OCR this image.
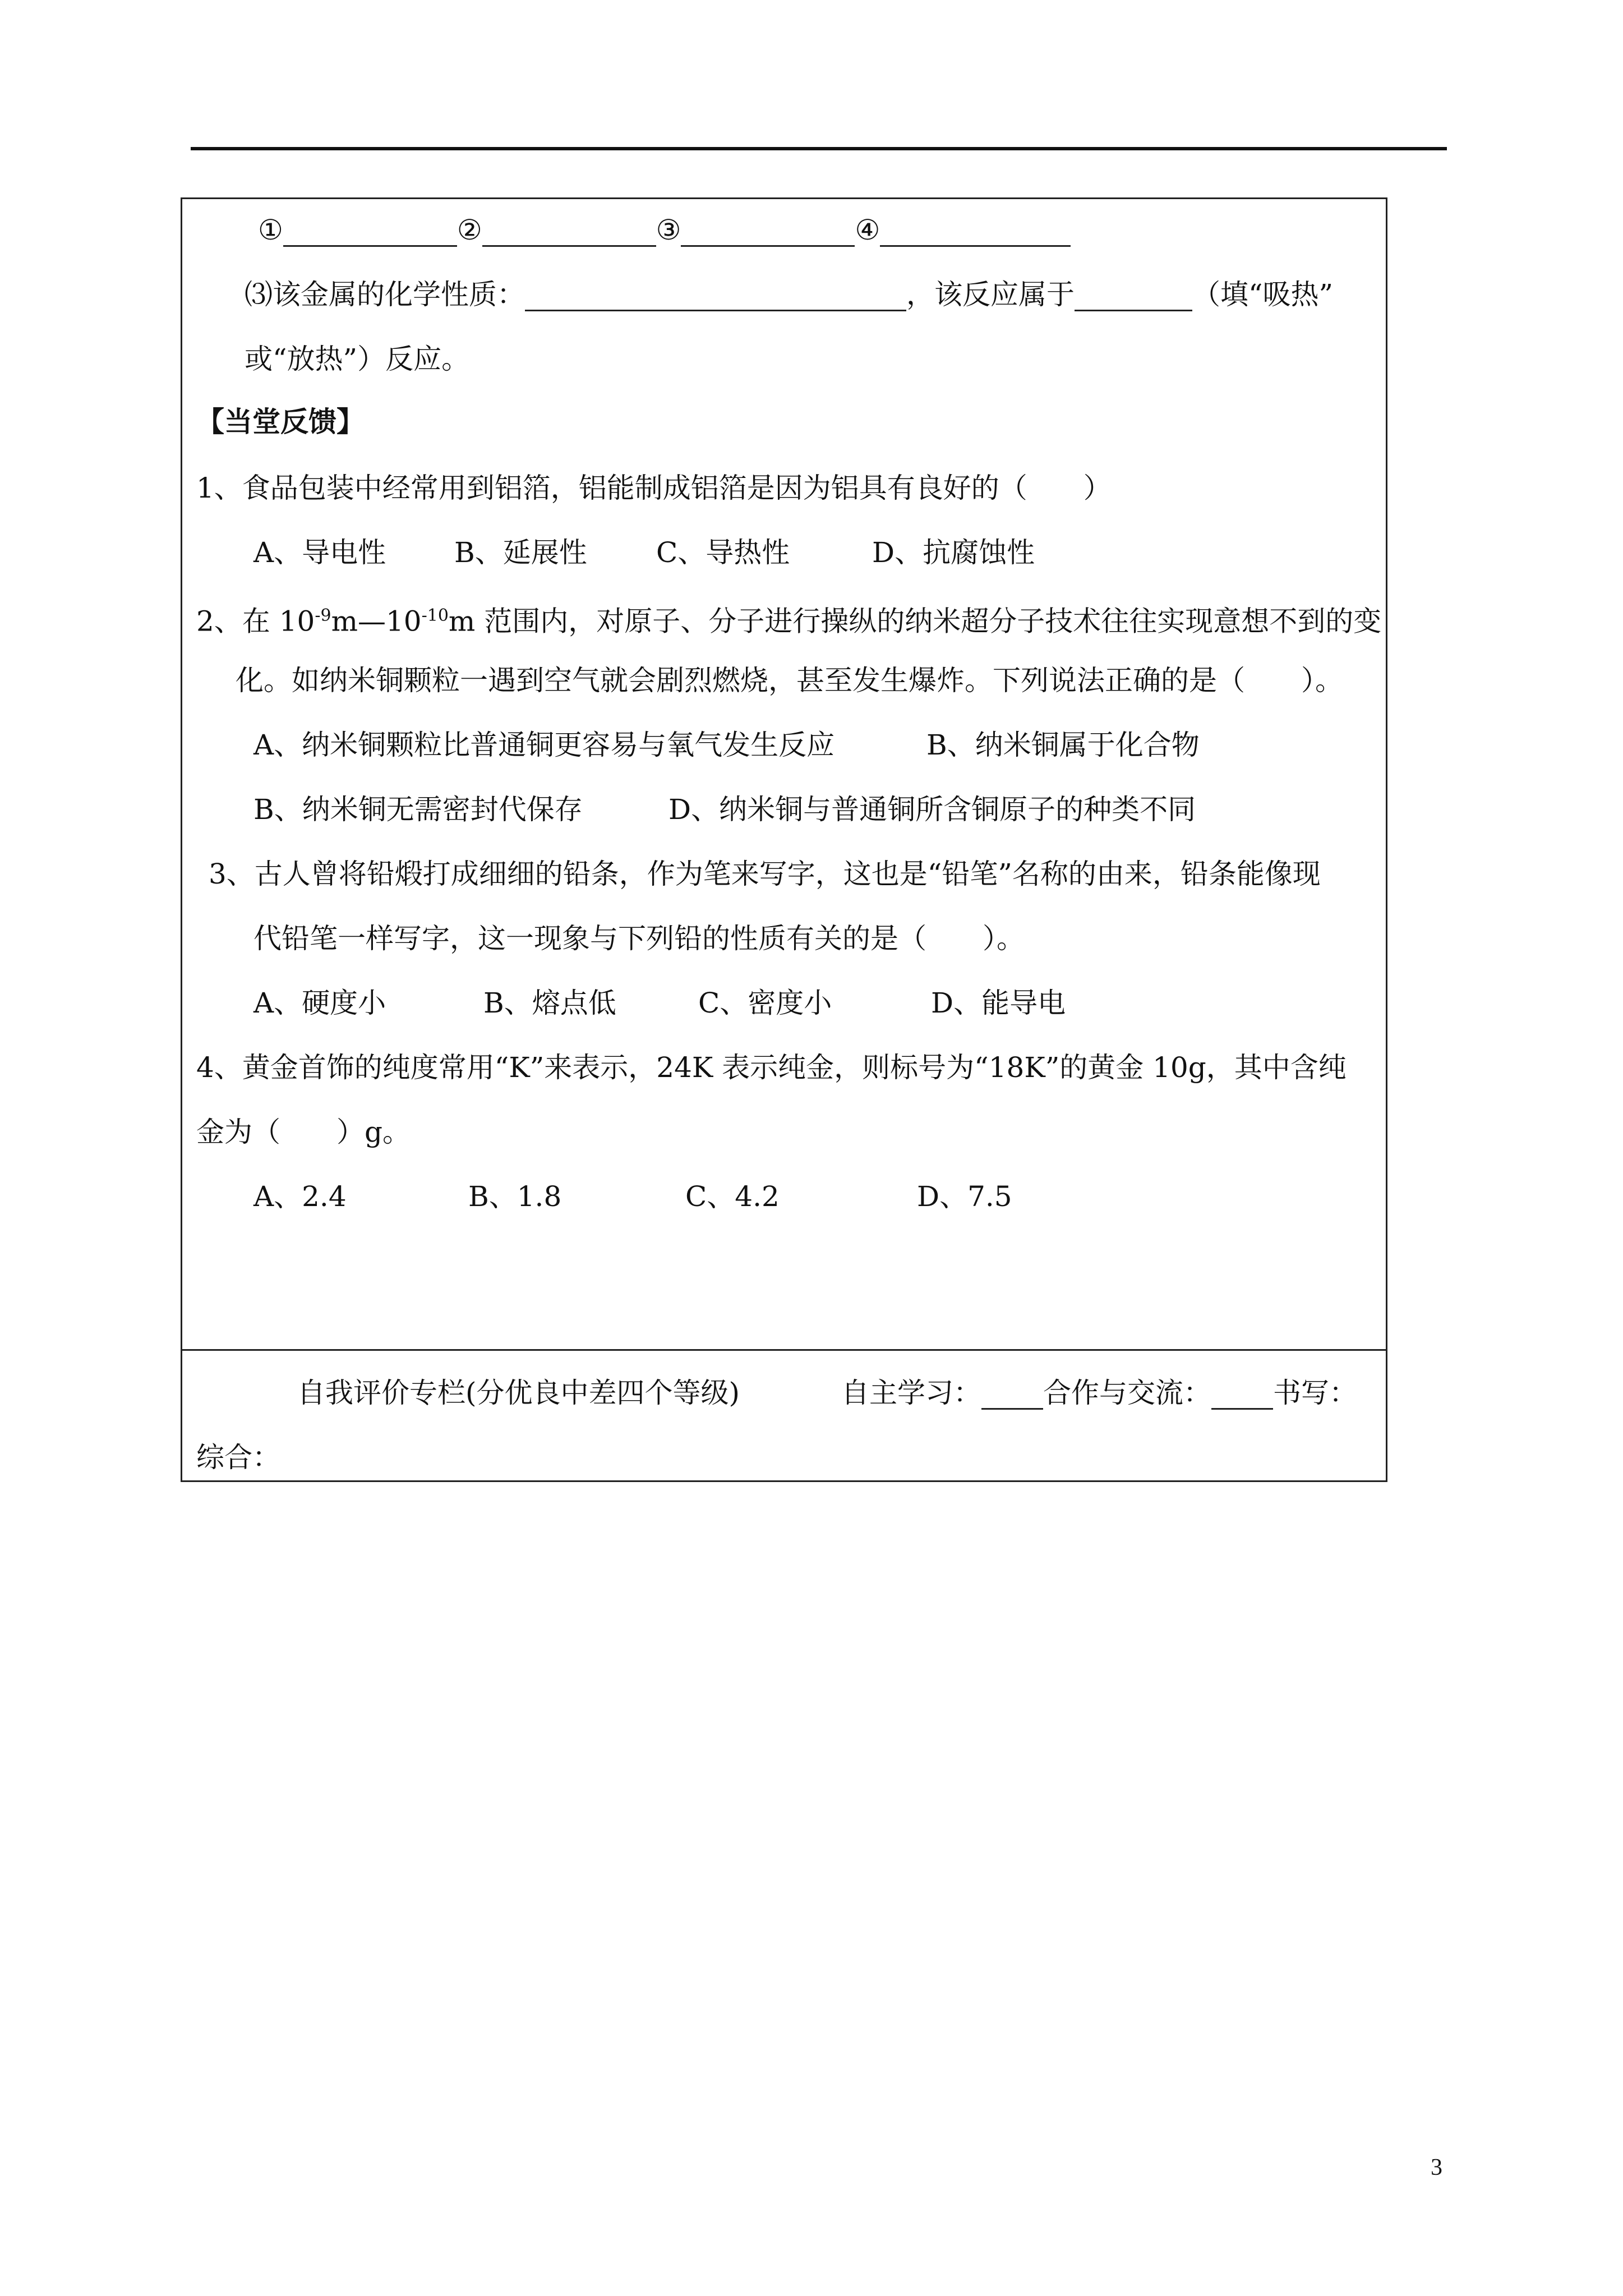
①	②	③	④
⑶该金属的化学性质：	，该反应属于	（填“吸热”
或“放热”）反应。
【当堂反馈】
1、食品包装中经常用到铝箔，铝能制成铝箔是因为铝具有良好的（　　）
A、导电性 B、延展性 C、导热性	D、抗腐蚀性
2、在 $10^{-9}m—10^{-10}m$ 范围内，对原子、分子进行操纵的纳米超分子技术往往实现意想不到的变
化。如纳米铜颗粒一遇到空气就会剧烈燃烧，甚至发生爆炸。下列说法正确的是（　　）。
A、纳米铜颗粒比普通铜更容易与氧气发生反应	B、纳米铜属于化合物
B、纳米铜无需密封代保存	D、纳米铜与普通铜所含铜原子的种类不同
3、古人曾将铅煅打成细细的铅条，作为笔来写字，这也是“铅笔”名称的由来，铅条能像现
代铅笔一样写字，这一现象与下列铅的性质有关的是（　　）。
A、硬度小	B、熔点低	C、密度小	D、能导电
4、黄金首饰的纯度常用“K”来表示，24K 表示纯金，则标号为“18K”的黄金 10g，其中含纯
金为（　　）g。
A、2.4	B、1.8	C、4.2	D、7.5
自我评价专栏(分优良中差四个等级)	自主学习： 合作与交流： 书写：
综合：
3
